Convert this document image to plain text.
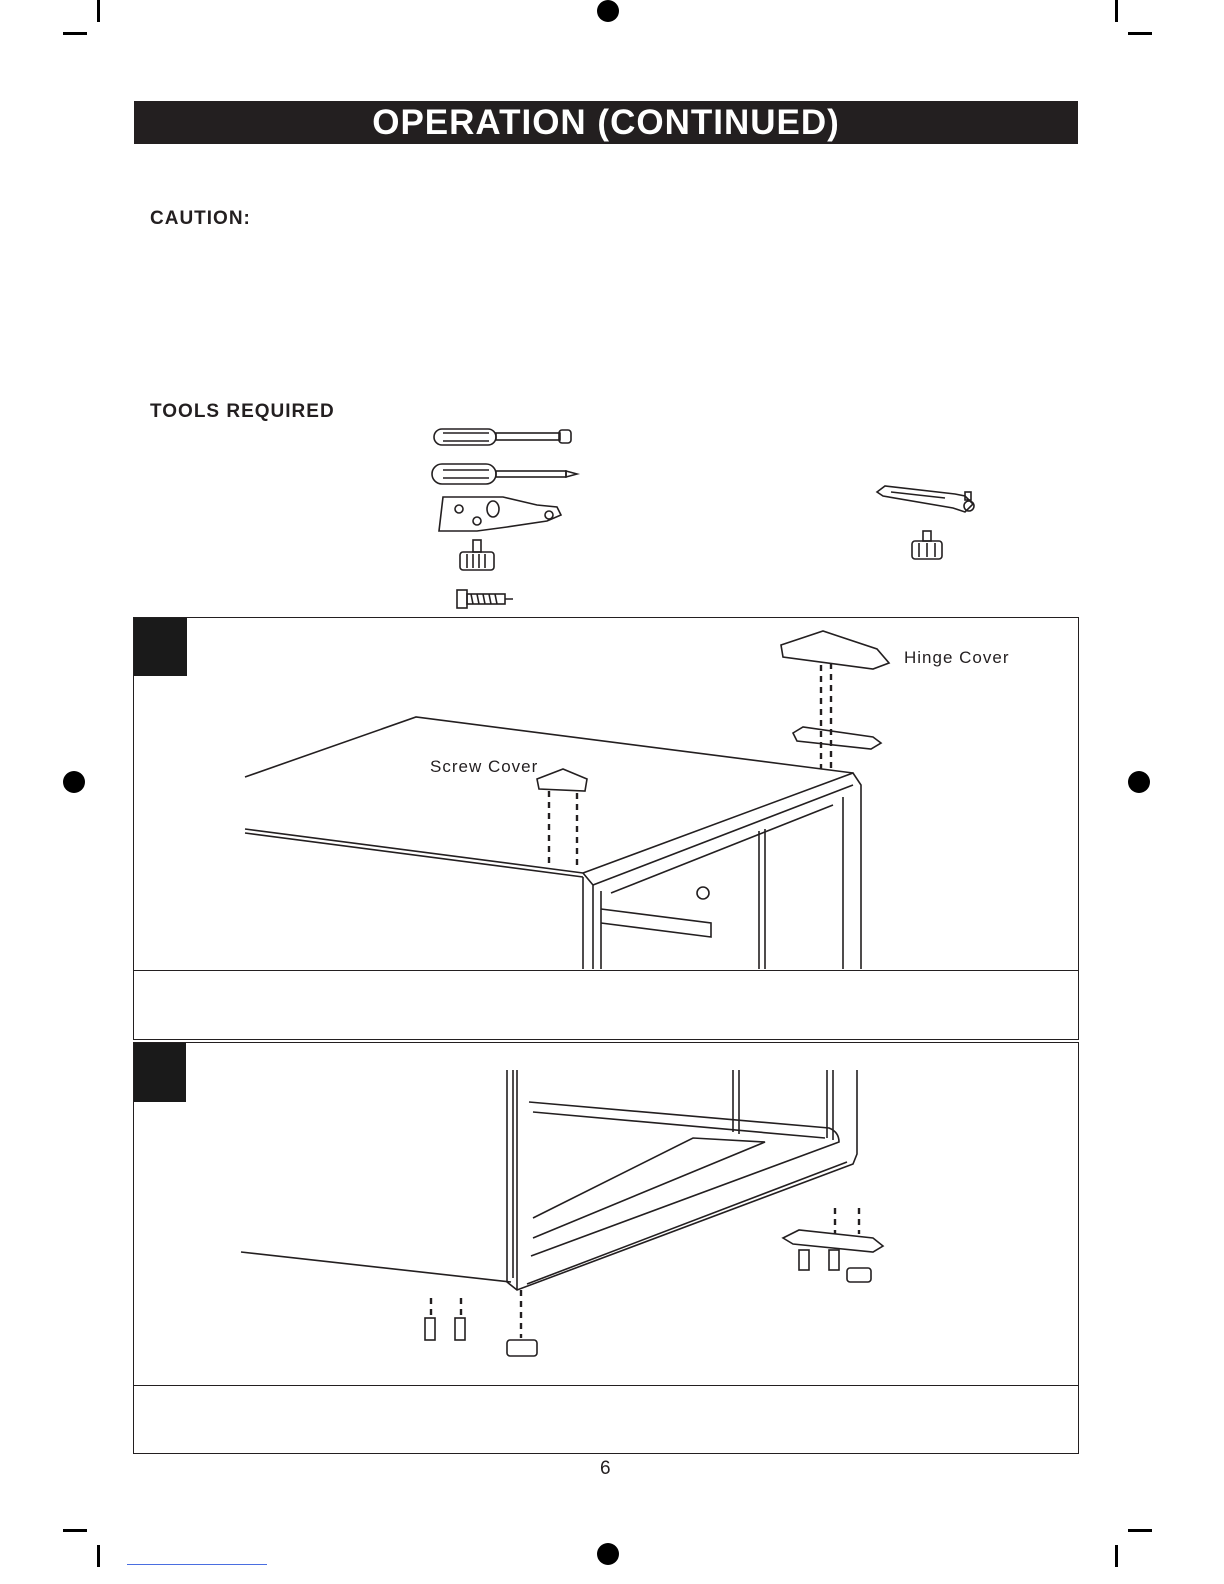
OPERATION (CONTINUED)
CAUTION:
TOOLS REQUIRED
Hinge Cover
Screw Cover
6
